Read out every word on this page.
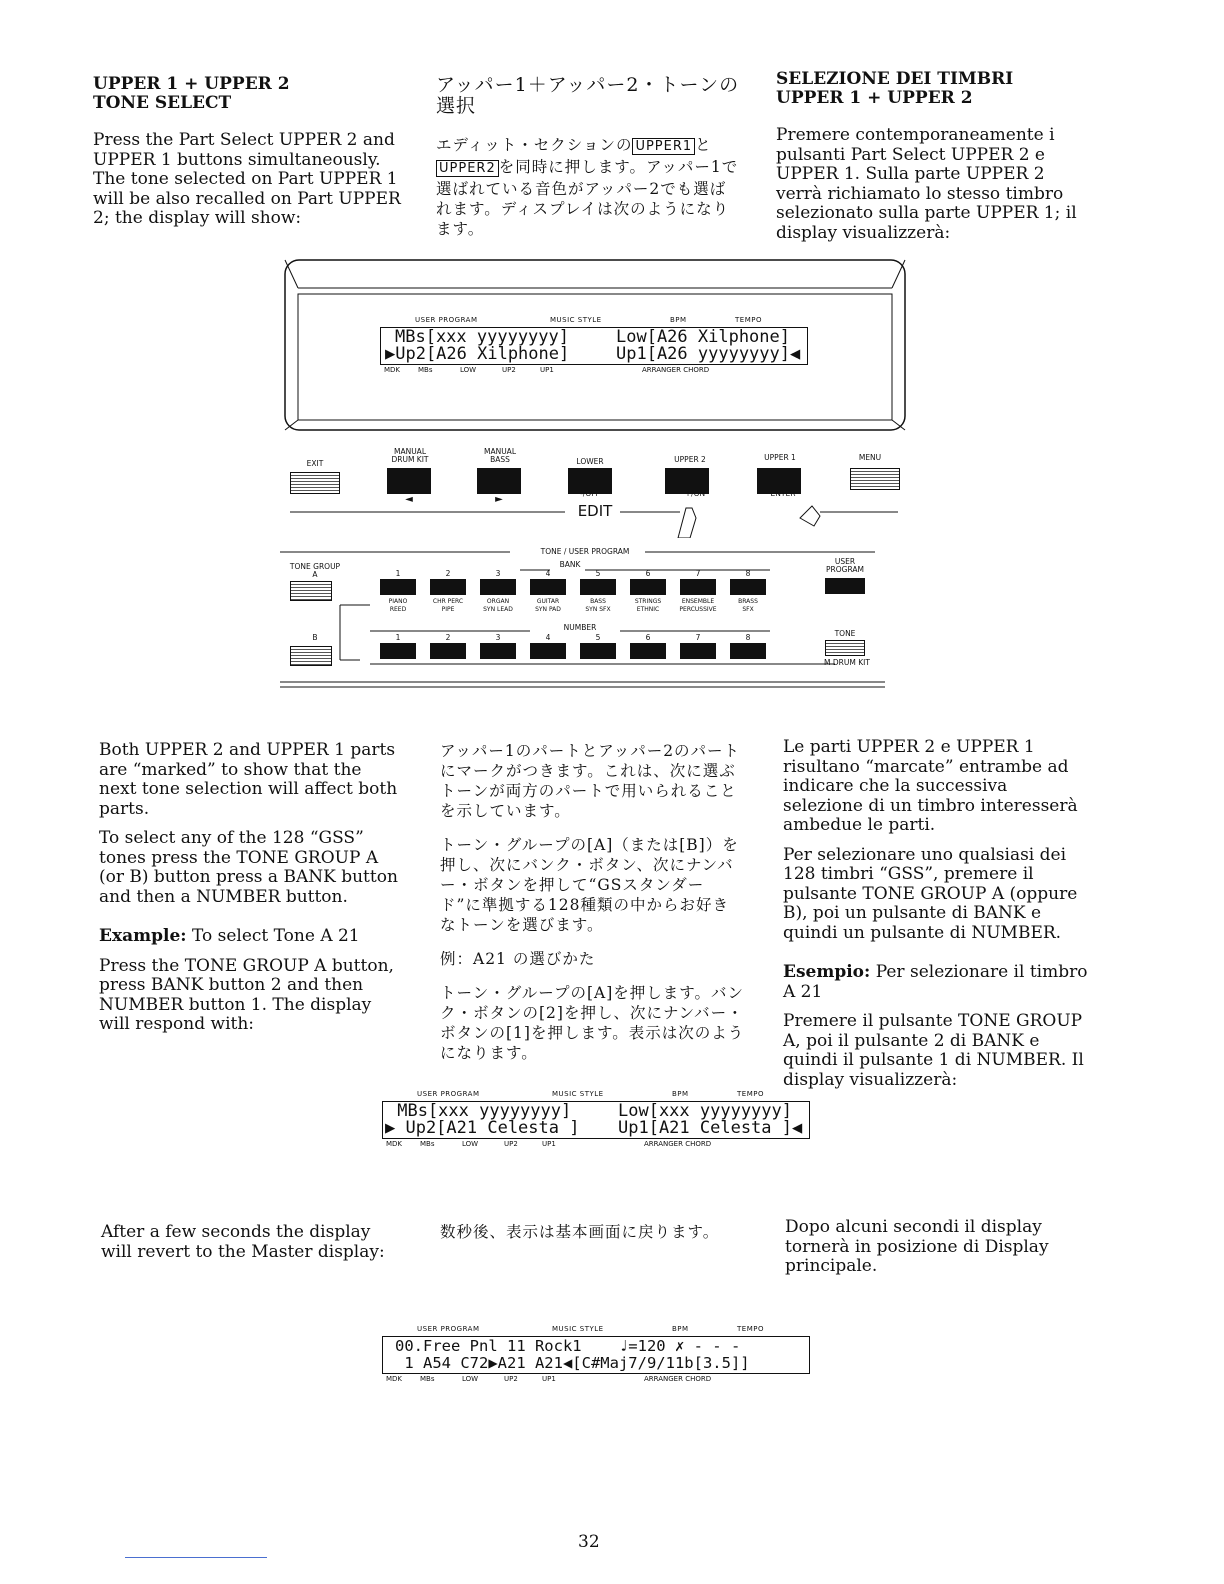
UPPER 1 + UPPER 2
TONE SELECT

Press the Part Select UPPER 2 and UPPER 1 buttons simultaneously. The tone selected on Part UPPER 1 will be also recalled on Part UPPER 2; the display will show:

アッパー1＋アッパー2・トーンの
選択

エディット・セクションの UPPER1 とUPPER2 を同時に押します。アッパー1で選ばれている音色がアッパー2でも選ばれます。ディスプレイは次のようになります。

SELEZIONE DEI TIMBRI
UPPER 1 + UPPER 2

Premere contemporaneamente i pulsanti Part Select UPPER 2 e UPPER 1. Sulla parte UPPER 2 verrà richiamato lo stesso timbro selezionato sulla parte UPPER 1; il display visualizzerà:

USER PROGRAM	MUSIC STYLE	BPM	TEMPO
MBs[xxx yyyyyyyy]	Low[A26 Xilphone]
▶Up2[A26 Xilphone]	Up1[A26 yyyyyyyy]◀
MDK	MBs	LOW	UP2	UP1	ARRANGER CHORD
EXIT
MANUAL
DRUM KIT
◄
MANUAL
BASS
►
LOWER
-/OFF
UPPER 2
+/ON
UPPER 1
ENTER
MENU
EDIT
TONE / USER PROGRAM
TONE GROUP
A
B
BANK
NUMBER
1	2	3	4	5	6	7	8
PIANO	CHR PERC	ORGAN	GUITAR	BASS	STRINGS	ENSEMBLE	BRASS
REED	PIPE	SYN LEAD	SYN PAD	SYN SFX	ETHNIC	PERCUSSIVE	SFX
1	2	3	4	5	6	7	8
USER
PROGRAM
TONE
M DRUM KIT

Both UPPER 2 and UPPER 1 parts are “marked” to show that the next tone selection will affect both parts.

To select any of the 128 “GSS” tones press the TONE GROUP A (or B) button press a BANK button and then a NUMBER button.

Example: To select Tone A 21

Press the TONE GROUP A button, press BANK button 2 and then NUMBER button 1. The display will respond with:

アッパー1のパートとアッパー2のパートにマークがつきます。これは、次に選ぶトーンが両方のパートで用いられることを示しています。

トーン・グループの[A]（または[B]）を押し、次にバンク・ボタン、次にナンバー・ボタンを押して“GSスタンダード”に準拠する128種類の中からお好きなトーンを選びます。

例：A21 の選びかた

トーン・グループの[A]を押します。バンク・ボタンの[2]を押し、次にナンバー・ボタンの[1]を押します。表示は次のようになります。

Le parti UPPER 2 e UPPER 1 risultano “marcate” entrambe ad indicare che la successiva selezione di un timbro interesserà ambedue le parti.

Per selezionare uno qualsiasi dei 128 timbri “GSS”, premere il pulsante TONE GROUP A (oppure B), poi un pulsante di BANK e quindi un pulsante di NUMBER.

Esempio: Per selezionare il timbro A 21

Premere il pulsante TONE GROUP A, poi il pulsante 2 di BANK e quindi il pulsante 1 di NUMBER. Il display visualizzerà:

USER PROGRAM	MUSIC STYLE	BPM	TEMPO
MBs[xxx yyyyyyyy]	Low[xxx yyyyyyyy]
▶ Up2[A21 Celesta ] Up1[A21 Celesta ]◀
MDK	MBs	LOW	UP2	UP1	ARRANGER CHORD

After a few seconds the display will revert to the Master display:

数秒後、表示は基本画面に戻ります。	Dopo alcuni secondi il display tornerà in posizione di Display principale.

USER PROGRAM	MUSIC STYLE	BPM	TEMPO
00.Free Pnl 11 Rock1    ♩=120 ✗ - - -
1 A54 C72▶A21 A21◀[C#Maj7/9/11b[3.5]]
MDK	MBs	LOW	UP2	UP1	ARRANGER CHORD
32
